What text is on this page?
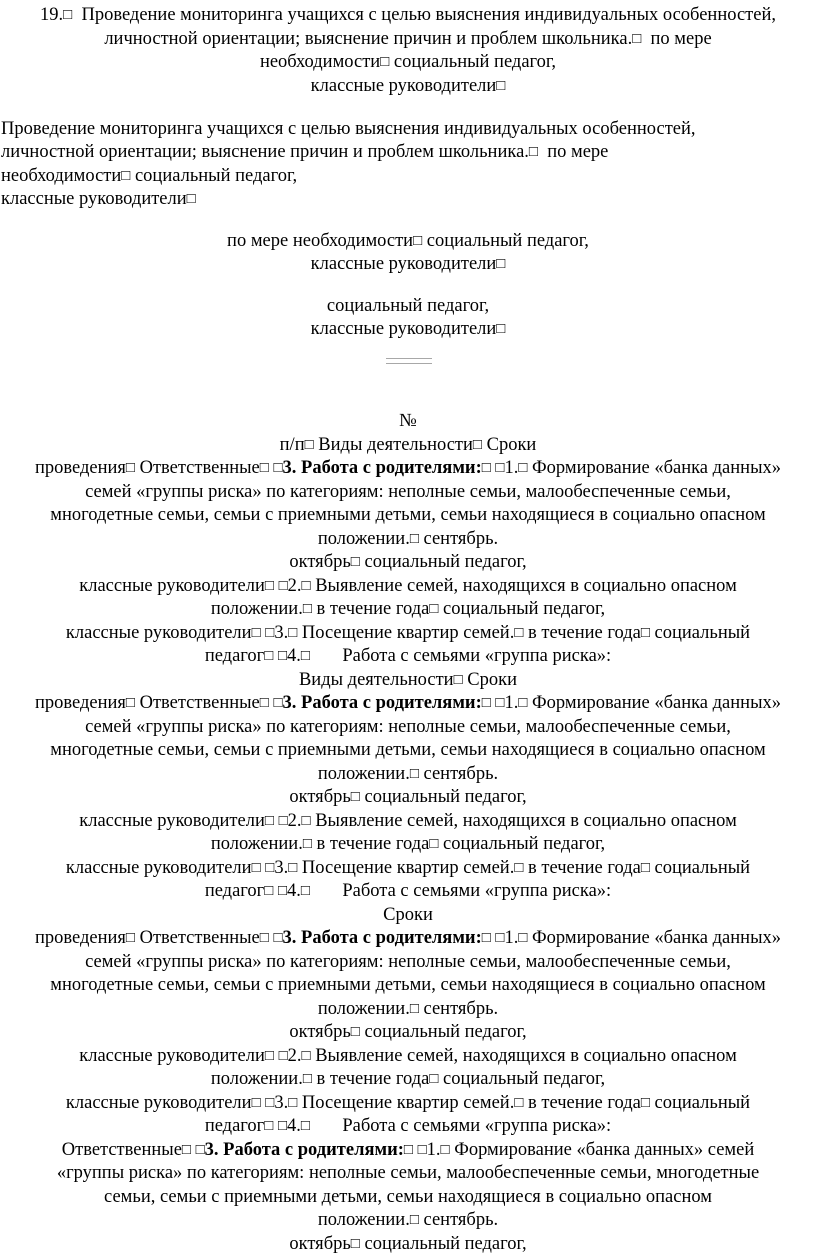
19.□  Проведение мониторинга учащихся с целью выяснения индивидуальных особенностей,
личностной ориентации; выяснение причин и проблем школьника.□  по мере
необходимости□ социальный педагог,
классные руководители□
Проведение мониторинга учащихся с целью выяснения индивидуальных особенностей,
личностной ориентации; выяснение причин и проблем школьника.□  по мере
необходимости□ социальный педагог,
классные руководители□
по мере необходимости□ социальный педагог,
классные руководители□
социальный педагог,
классные руководители□
№
п/п□ Виды деятельности□ Сроки
проведения□ Ответственные□ □3. Работа с родителями:□ □1.□ Формирование «банка данных»
семей «группы риска» по категориям: неполные семьи, малообеспеченные семьи,
многодетные семьи, семьи с приемными детьми, семьи находящиеся в социально опасном
положении.□ сентябрь.
октябрь□ социальный педагог,
классные руководители□ □2.□ Выявление семей, находящихся в социально опасном
положении.□ в течение года□ социальный педагог,
классные руководители□ □3.□ Посещение квартир семей.□ в течение года□ социальный
педагог□ □4.□       Работа с семьями «группа риска»:
Виды деятельности□ Сроки
проведения□ Ответственные□ □3. Работа с родителями:□ □1.□ Формирование «банка данных»
семей «группы риска» по категориям: неполные семьи, малообеспеченные семьи,
многодетные семьи, семьи с приемными детьми, семьи находящиеся в социально опасном
положении.□ сентябрь.
октябрь□ социальный педагог,
классные руководители□ □2.□ Выявление семей, находящихся в социально опасном
положении.□ в течение года□ социальный педагог,
классные руководители□ □3.□ Посещение квартир семей.□ в течение года□ социальный
педагог□ □4.□       Работа с семьями «группа риска»:
Сроки
проведения□ Ответственные□ □3. Работа с родителями:□ □1.□ Формирование «банка данных»
семей «группы риска» по категориям: неполные семьи, малообеспеченные семьи,
многодетные семьи, семьи с приемными детьми, семьи находящиеся в социально опасном
положении.□ сентябрь.
октябрь□ социальный педагог,
классные руководители□ □2.□ Выявление семей, находящихся в социально опасном
положении.□ в течение года□ социальный педагог,
классные руководители□ □3.□ Посещение квартир семей.□ в течение года□ социальный
педагог□ □4.□       Работа с семьями «группа риска»:
Ответственные□ □3. Работа с родителями:□ □1.□ Формирование «банка данных» семей
«группы риска» по категориям: неполные семьи, малообеспеченные семьи, многодетные
семьи, семьи с приемными детьми, семьи находящиеся в социально опасном
положении.□ сентябрь.
октябрь□ социальный педагог,
